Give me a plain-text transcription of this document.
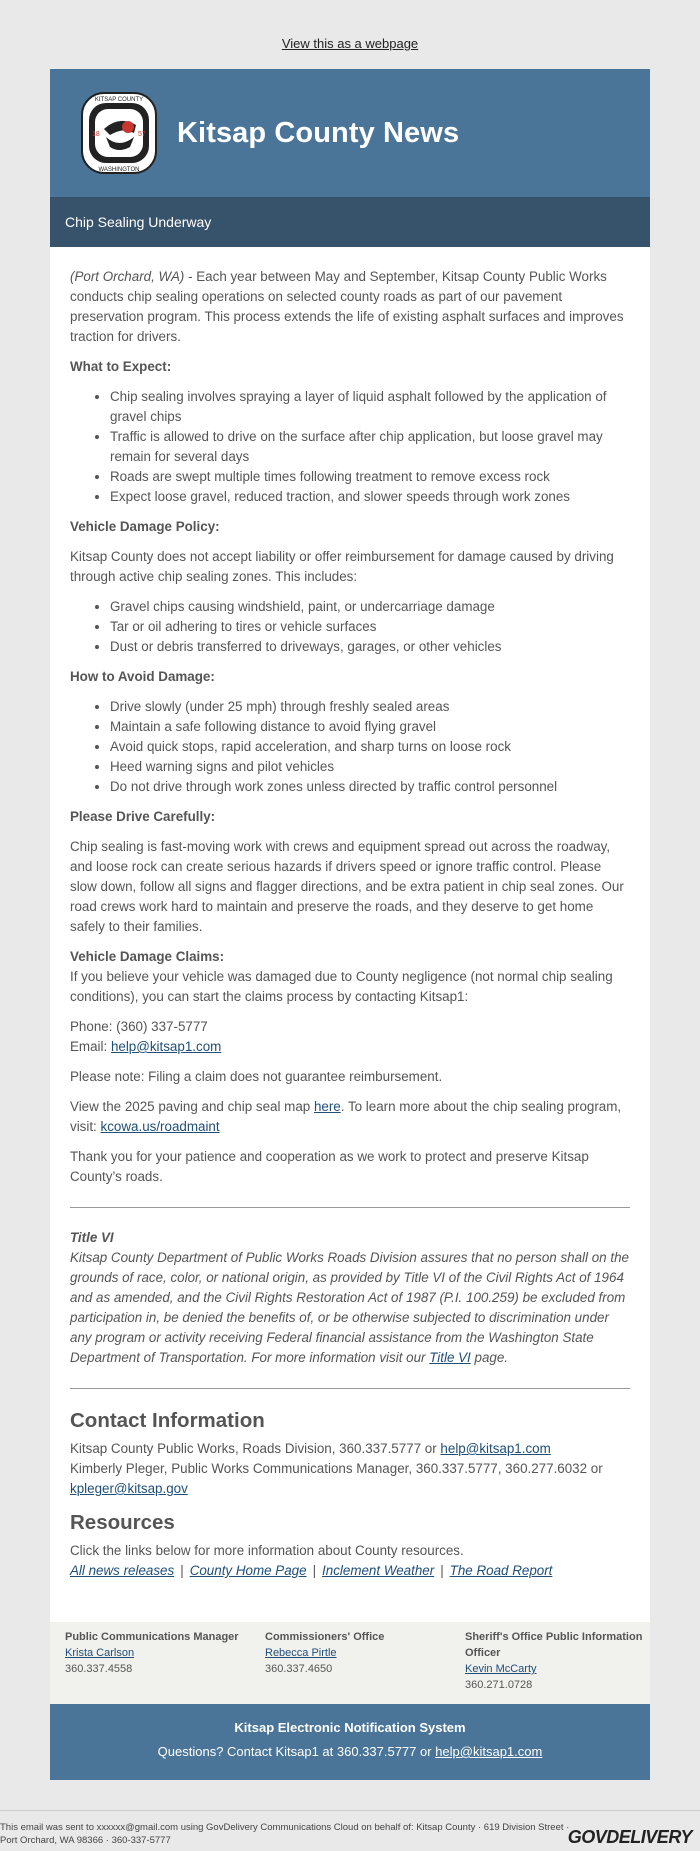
View this as a webpage
KITSAP COUNTY
WASHINGTON
18	57 Kitsap County News
Chip Sealing Underway

(Port Orchard, WA) - Each year between May and September, Kitsap County Public Works conducts chip sealing operations on selected county roads as part of our pavement preservation program. This process extends the life of existing asphalt surfaces and improves traction for drivers.

What to Expect:
• Chip sealing involves spraying a layer of liquid asphalt followed by the application of gravel chips
• Traffic is allowed to drive on the surface after chip application, but loose gravel may remain for several days
• Roads are swept multiple times following treatment to remove excess rock
• Expect loose gravel, reduced traction, and slower speeds through work zones
Vehicle Damage Policy:

Kitsap County does not accept liability or offer reimbursement for damage caused by driving through active chip sealing zones. This includes:

• Gravel chips causing windshield, paint, or undercarriage damage
• Tar or oil adhering to tires or vehicle surfaces
• Dust or debris transferred to driveways, garages, or other vehicles
How to Avoid Damage:
• Drive slowly (under 25 mph) through freshly sealed areas
• Maintain a safe following distance to avoid flying gravel
• Avoid quick stops, rapid acceleration, and sharp turns on loose rock
• Heed warning signs and pilot vehicles
• Do not drive through work zones unless directed by traffic control personnel
Please Drive Carefully:

Chip sealing is fast-moving work with crews and equipment spread out across the roadway, and loose rock can create serious hazards if drivers speed or ignore traffic control. Please slow down, follow all signs and flagger directions, and be extra patient in chip seal zones. Our road crews work hard to maintain and preserve the roads, and they deserve to get home safely to their families.

Vehicle Damage Claims:

If you believe your vehicle was damaged due to County negligence (not normal chip sealing conditions), you can start the claims process by contacting Kitsap1:

Phone: (360) 337-5777
Email: help@kitsap1.com

Please note: Filing a claim does not guarantee reimbursement.

View the 2025 paving and chip seal map here. To learn more about the chip sealing program, visit: kcowa.us/roadmaint

Thank you for your patience and cooperation as we work to protect and preserve Kitsap County’s roads.

Title VI

Kitsap County Department of Public Works Roads Division assures that no person shall on the grounds of race, color, or national origin, as provided by Title VI of the Civil Rights Act of 1964 and as amended, and the Civil Rights Restoration Act of 1987 (P.I. 100.259) be excluded from participation in, be denied the benefits of, or be otherwise subjected to discrimination under any program or activity receiving Federal financial assistance from the Washington State Department of Transportation. For more information visit our Title VI page.

Contact Information

Kitsap County Public Works, Roads Division, 360.337.5777 or help@kitsap1.com
Kimberly Pleger, Public Works Communications Manager, 360.337.5777, 360.277.6032 or kpleger@kitsap.gov

Resources

Click the links below for more information about County resources.

All news releases | County Home Page | Inclement Weather | The Road Report

Public Communications Manager
Krista Carlson
360.337.4558
Commissioners' Office
Rebecca Pirtle
360.337.4650
Sheriff's Office Public Information Officer
Kevin McCarty
360.271.0728
Kitsap Electronic Notification System
Questions? Contact Kitsap1 at 360.337.5777 or help@kitsap1.com
This email was sent to xxxxxx@gmail.com using GovDelivery Communications Cloud on behalf of: Kitsap County · 619 Division Street · Port Orchard, WA 98366 · 360-337-5777	GOVDELIVERY
